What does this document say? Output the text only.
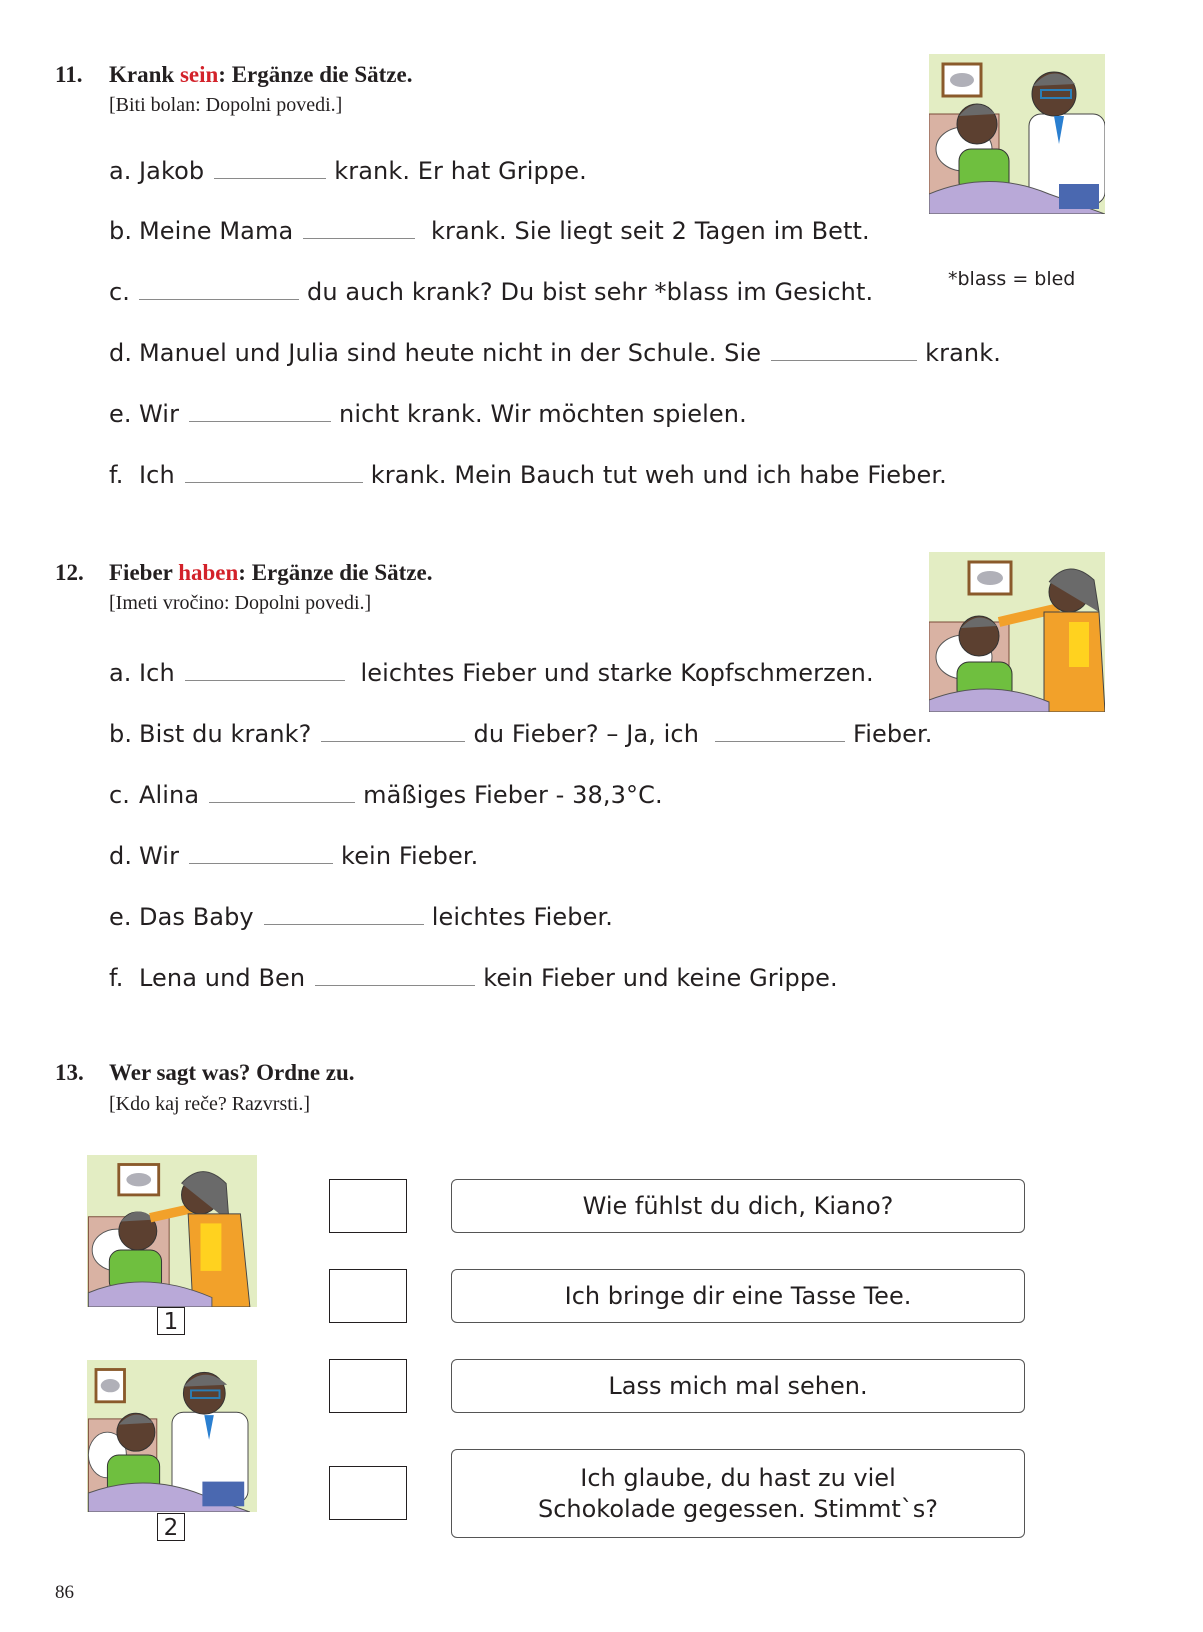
11. Krank sein: Ergänze die Sätze.
[Biti bolan: Dopolni povedi.]
a. Jakob	krank. Er hat Grippe.
b. Meine Mama	krank. Sie liegt seit 2 Tagen im Bett.
*blass = bled
c.	du auch krank? Du bist sehr *blass im Gesicht.
d. Manuel und Julia sind heute nicht in der Schule. Sie	krank.
e. Wir	nicht krank. Wir möchten spielen.
f. Ich	krank. Mein Bauch tut weh und ich habe Fieber.
12. Fieber haben: Ergänze die Sätze.
[Imeti vročino: Dopolni povedi.]
a. Ich	leichtes Fieber und starke Kopfschmerzen.
b. Bist du krank?	du Fieber? – Ja, ich	Fieber.
c. Alina	mäßiges Fieber - 38,3°C.
d. Wir	kein Fieber.
e. Das Baby	leichtes Fieber.
f. Lena und Ben	kein Fieber und keine Grippe.
13. Wer sagt was? Ordne zu.
[Kdo kaj reče? Razvrsti.]
1
2
Wie fühlst du dich, Kiano?
Ich bringe dir eine Tasse Tee.
Lass mich mal sehen.
Ich glaube, du hast zu viel Schokolade gegessen. Stimmt`s?
86
